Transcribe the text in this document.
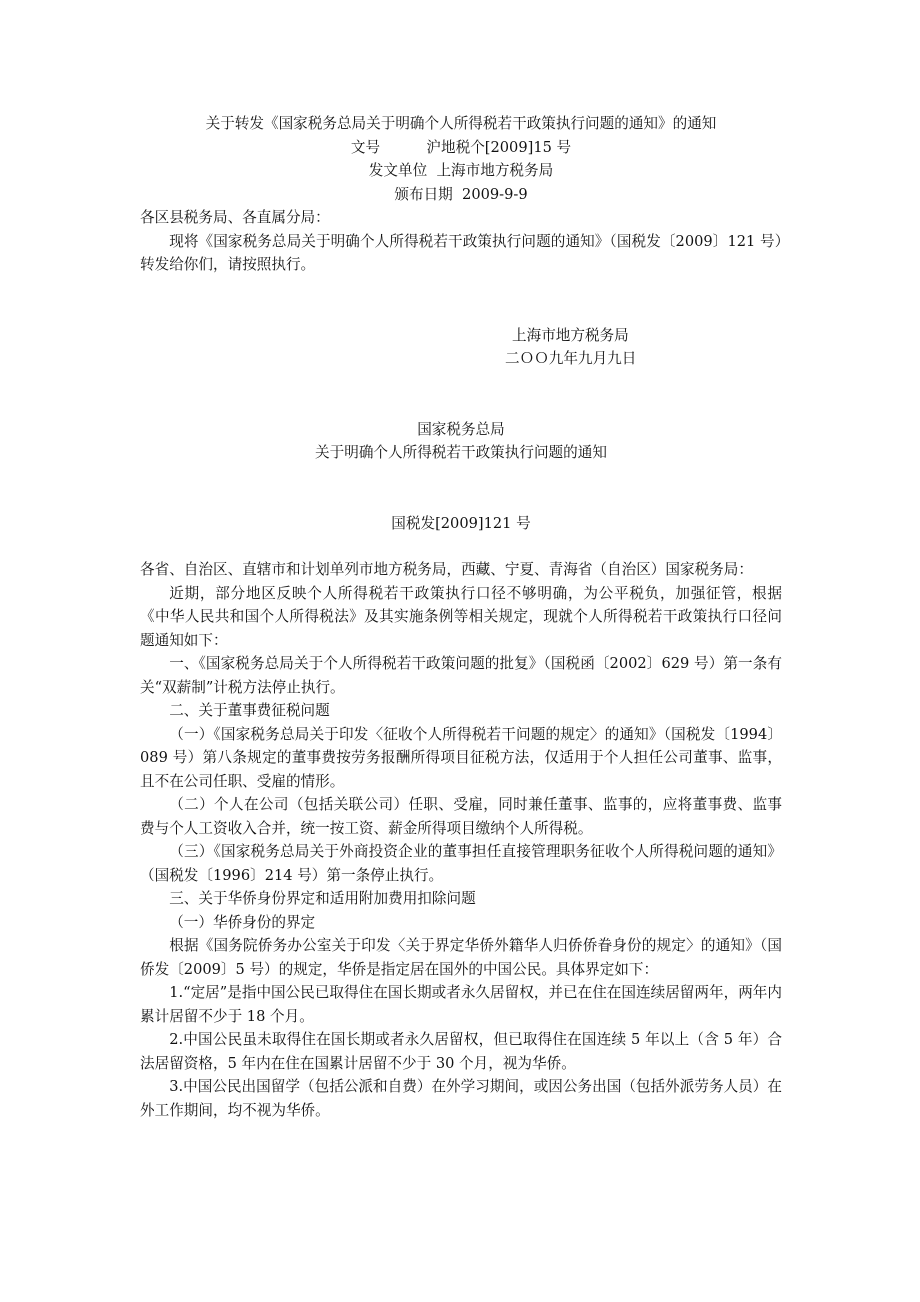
关于转发《国家税务总局关于明确个人所得税若干政策执行问题的通知》的通知

文号          沪地税个[2009]15 号

发文单位  上海市地方税务局

颁布日期  2009-9-9

各区县税务局、各直属分局：

现将《国家税务总局关于明确个人所得税若干政策执行问题的通知》（国税发〔2009〕121 号）转发给你们，请按照执行。

上海市地方税务局

二ＯＯ九年九月九日

国家税务总局

关于明确个人所得税若干政策执行问题的通知

国税发[2009]121 号

各省、自治区、直辖市和计划单列市地方税务局，西藏、宁夏、青海省（自治区）国家税务局：

近期，部分地区反映个人所得税若干政策执行口径不够明确，为公平税负，加强征管，根据《中华人民共和国个人所得税法》及其实施条例等相关规定，现就个人所得税若干政策执行口径问题通知如下：

一、《国家税务总局关于个人所得税若干政策问题的批复》（国税函〔2002〕629 号）第一条有关“双薪制”计税方法停止执行。

二、关于董事费征税问题

（一）《国家税务总局关于印发〈征收个人所得税若干问题的规定〉的通知》（国税发〔1994〕089 号）第八条规定的董事费按劳务报酬所得项目征税方法，仅适用于个人担任公司董事、监事，且不在公司任职、受雇的情形。

（二）个人在公司（包括关联公司）任职、受雇，同时兼任董事、监事的，应将董事费、监事费与个人工资收入合并，统一按工资、薪金所得项目缴纳个人所得税。

（三）《国家税务总局关于外商投资企业的董事担任直接管理职务征收个人所得税问题的通知》（国税发〔1996〕214 号）第一条停止执行。

三、关于华侨身份界定和适用附加费用扣除问题

（一）华侨身份的界定

根据《国务院侨务办公室关于印发〈关于界定华侨外籍华人归侨侨眷身份的规定〉的通知》（国侨发〔2009〕5 号）的规定，华侨是指定居在国外的中国公民。具体界定如下：

1.“定居”是指中国公民已取得住在国长期或者永久居留权，并已在住在国连续居留两年，两年内累计居留不少于 18 个月。

2.中国公民虽未取得住在国长期或者永久居留权，但已取得住在国连续 5 年以上（含 5 年）合法居留资格，5 年内在住在国累计居留不少于 30 个月，视为华侨。

3.中国公民出国留学（包括公派和自费）在外学习期间，或因公务出国（包括外派劳务人员）在外工作期间，均不视为华侨。
